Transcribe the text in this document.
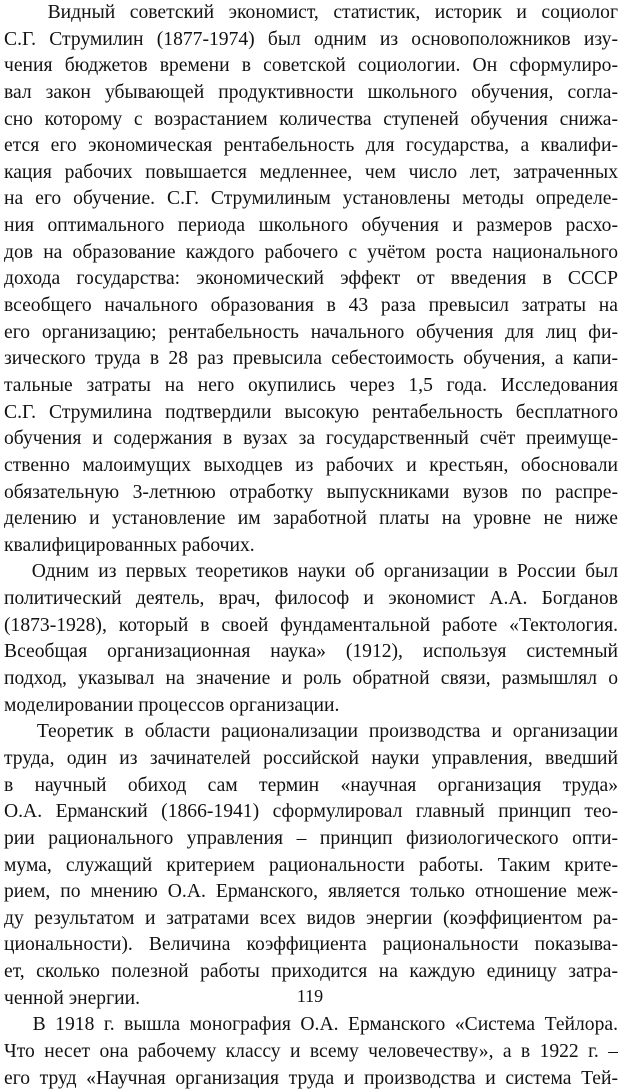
Видный советский экономист, статистик, историк и социолог
С.Г. Струмилин (1877-1974) был одним из основоположников изу-
чения бюджетов времени в советской социологии. Он сформулиро-
вал закон убывающей продуктивности школьного обучения, согла-
сно которому с возрастанием количества ступеней обучения снижа-
ется его экономическая рентабельность для государства, а квалифи-
кация рабочих повышается медленнее, чем число лет, затраченных
на его обучение. С.Г. Струмилиным установлены методы определе-
ния оптимального периода школьного обучения и размеров расхо-
дов на образование каждого рабочего с учётом роста национального
дохода государства: экономический эффект от введения в СССР
всеобщего начального образования в 43 раза превысил затраты на
его организацию; рентабельность начального обучения для лиц фи-
зического труда в 28 раз превысила себестоимость обучения, а капи-
тальные затраты на него окупились через 1,5 года. Исследования
С.Г. Струмилина подтвердили высокую рентабельность бесплатного
обучения и содержания в вузах за государственный счёт преимуще-
ственно малоимущих выходцев из рабочих и крестьян, обосновали
обязательную 3-летнюю отработку выпускниками вузов по распре-
делению и установление им заработной платы на уровне не ниже
квалифицированных рабочих.
Одним из первых теоретиков науки об организации в России был
политический деятель, врач, философ и экономист А.А. Богданов
(1873-1928), который в своей фундаментальной работе «Тектология.
Всеобщая организационная наука» (1912), используя системный
подход, указывал на значение и роль обратной связи, размышлял о
моделировании процессов организации.
Теоретик в области рационализации производства и организации
труда, один из зачинателей российской науки управления, введший
в научный обиход сам термин «научная организация труда»
О.А. Ерманский (1866-1941) сформулировал главный принцип тео-
рии рационального управления – принцип физиологического опти-
мума, служащий критерием рациональности работы. Таким крите-
рием, по мнению О.А. Ерманского, является только отношение меж-
ду результатом и затратами всех видов энергии (коэффициентом ра-
циональности). Величина коэффициента рациональности показыва-
ет, сколько полезной работы приходится на каждую единицу затра-
ченной энергии.
В 1918 г. вышла монография О.А. Ерманского «Система Тейлора.
Что несет она рабочему классу и всему человечеству», а в 1922 г. –
его труд «Научная организация труда и производства и система Тей-
119
